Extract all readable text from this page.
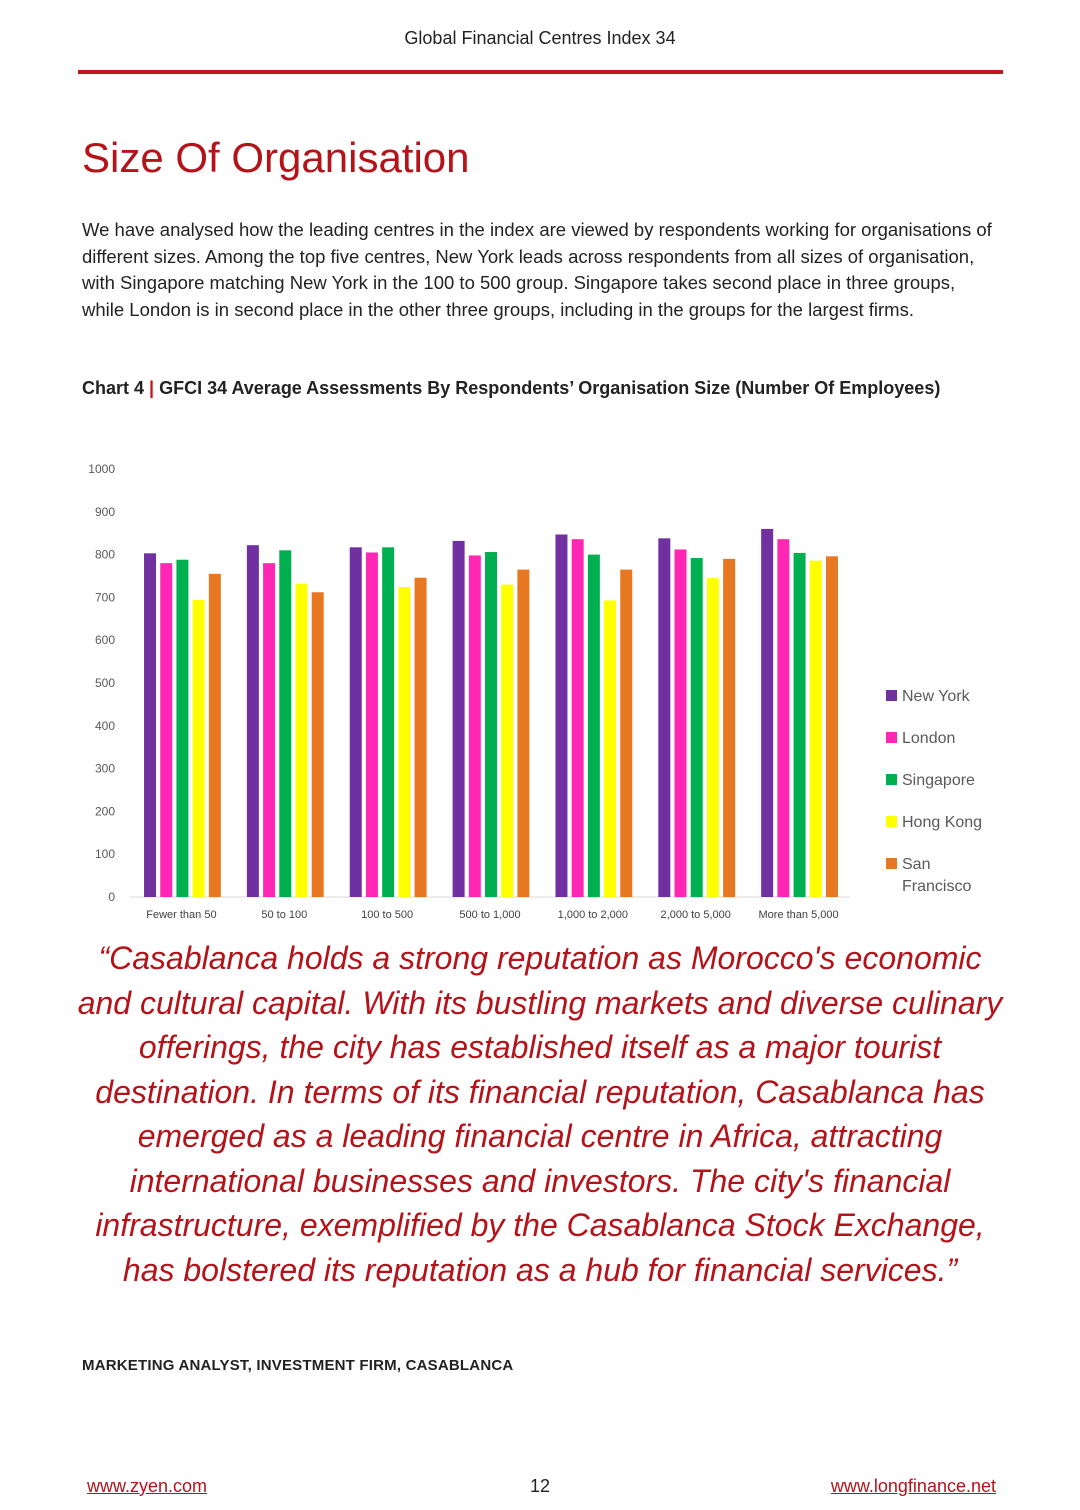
Global Financial Centres Index 34
Size Of Organisation
We have analysed how the leading centres in the index are viewed by respondents working for organisations of different sizes. Among the top five centres, New York leads across respondents from all sizes of organisation, with Singapore matching New York in the 100 to 500 group. Singapore takes second place in three groups, while London is in second place in the other three groups, including in the groups for the largest firms.
Chart 4 | GFCI 34 Average Assessments By Respondents’ Organisation Size (Number Of Employees)
0
100
200
300
400
500
600
700
800
900
1000
Fewer than 50	50 to 100	100 to 500	500 to 1,000	1,000 to 2,000	2,000 to 5,000	More than 5,000
New York
London
Singapore
Hong Kong
San Francisco
“Casablanca holds a strong reputation as Morocco's economic and cultural capital. With its bustling markets and diverse culinary offerings, the city has established itself as a major tourist destination. In terms of its financial reputation, Casablanca has emerged as a leading financial centre in Africa, attracting international businesses and investors. The city's financial infrastructure, exemplified by the Casablanca Stock Exchange, has bolstered its reputation as a hub for financial services.”
MARKETING ANALYST, INVESTMENT FIRM, CASABLANCA
www.zyen.com	12	www.longfinance.net
